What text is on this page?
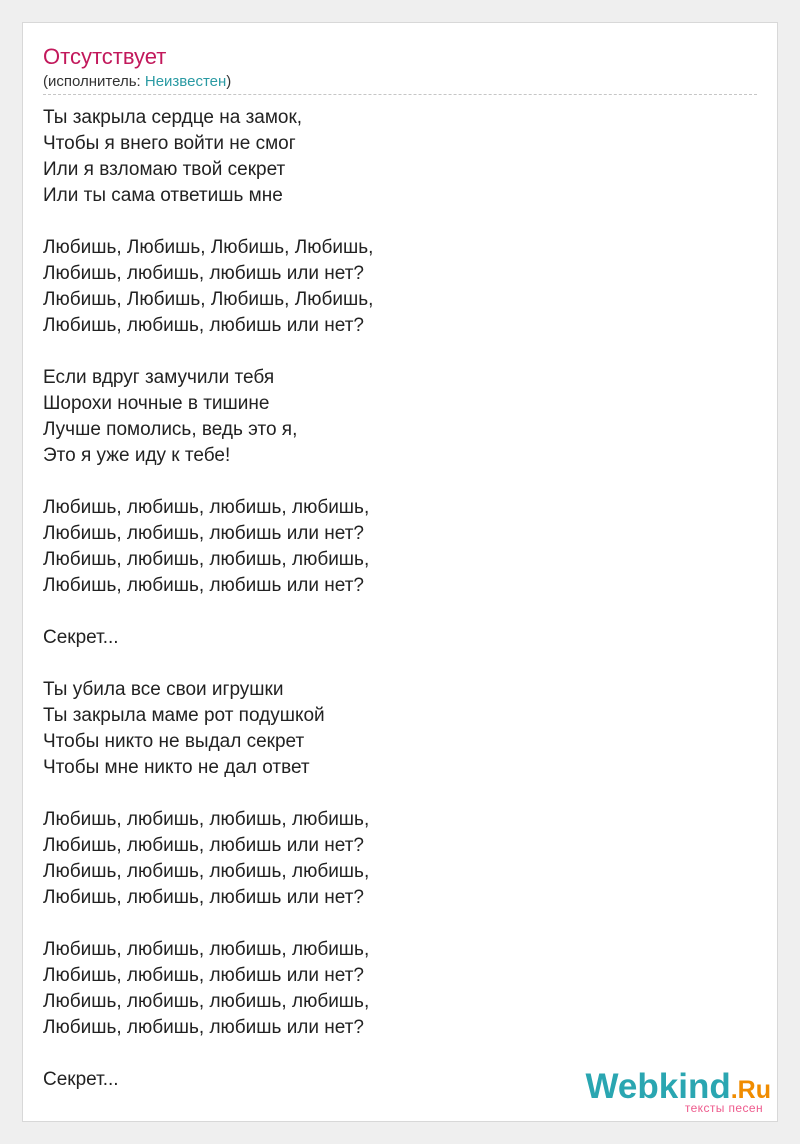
Отсутствует
(исполнитель: Неизвестен)
Ты закрыла сердце на замок,
Чтобы я внего войти не смог
Или я взломаю твой секрет
Или ты сама ответишь мне
Любишь, Любишь, Любишь, Любишь,
Любишь, любишь, любишь или нет?
Любишь, Любишь, Любишь, Любишь,
Любишь, любишь, любишь или нет?
Если вдруг замучили тебя
Шорохи ночные в тишине
Лучше помолись, ведь это я,
Это я уже иду к тебе!
Любишь, любишь, любишь, любишь,
Любишь, любишь, любишь или нет?
Любишь, любишь, любишь, любишь,
Любишь, любишь, любишь или нет?
Секрет...
Ты убила все свои игрушки
Ты закрыла маме рот подушкой
Чтобы никто не выдал секрет
Чтобы мне никто не дал ответ
Любишь, любишь, любишь, любишь,
Любишь, любишь, любишь или нет?
Любишь, любишь, любишь, любишь,
Любишь, любишь, любишь или нет?
Любишь, любишь, любишь, любишь,
Любишь, любишь, любишь или нет?
Любишь, любишь, любишь, любишь,
Любишь, любишь, любишь или нет?
Секрет...	Webkind.Ru
тексты песен
